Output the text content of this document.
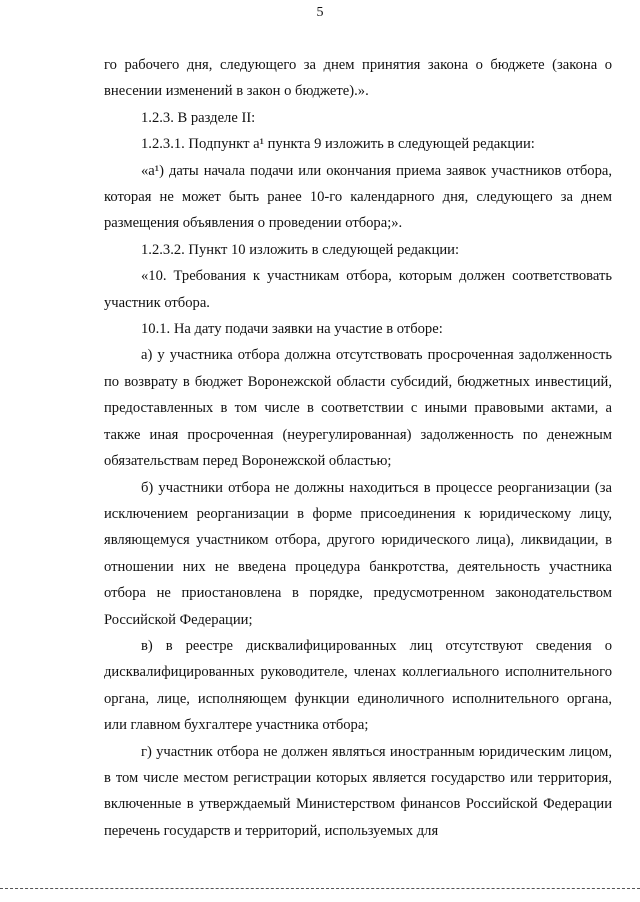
5

го рабочего дня, следующего за днем принятия закона о бюджете (закона о внесении изменений в закон о бюджете).».

1.2.3. В разделе II:

1.2.3.1. Подпункт а¹ пункта 9 изложить в следующей редакции:

«а¹) даты начала подачи или окончания приема заявок участников отбора, которая не может быть ранее 10-го календарного дня, следующего за днем размещения объявления о проведении отбора;».

1.2.3.2. Пункт 10 изложить в следующей редакции:

«10. Требования к участникам отбора, которым должен соответствовать участник отбора.

10.1. На дату подачи заявки на участие в отборе:

а) у участника отбора должна отсутствовать просроченная задолженность по возврату в бюджет Воронежской области субсидий, бюджетных инвестиций, предоставленных в том числе в соответствии с иными правовыми актами, а также иная просроченная (неурегулированная) задолженность по денежным обязательствам перед Воронежской областью;

б) участники отбора не должны находиться в процессе реорганизации (за исключением реорганизации в форме присоединения к юридическому лицу, являющемуся участником отбора, другого юридического лица), ликвидации, в отношении них не введена процедура банкротства, деятельность участника отбора не приостановлена в порядке, предусмотренном законодательством Российской Федерации;

в) в реестре дисквалифицированных лиц отсутствуют сведения о дисквалифицированных руководителе, членах коллегиального исполнительного органа, лице, исполняющем функции единоличного исполнительного органа, или главном бухгалтере участника отбора;

г) участник отбора не должен являться иностранным юридическим лицом, в том числе местом регистрации которых является государство или территория, включенные в утверждаемый Министерством финансов Российской Федерации перечень государств и территорий, используемых для
